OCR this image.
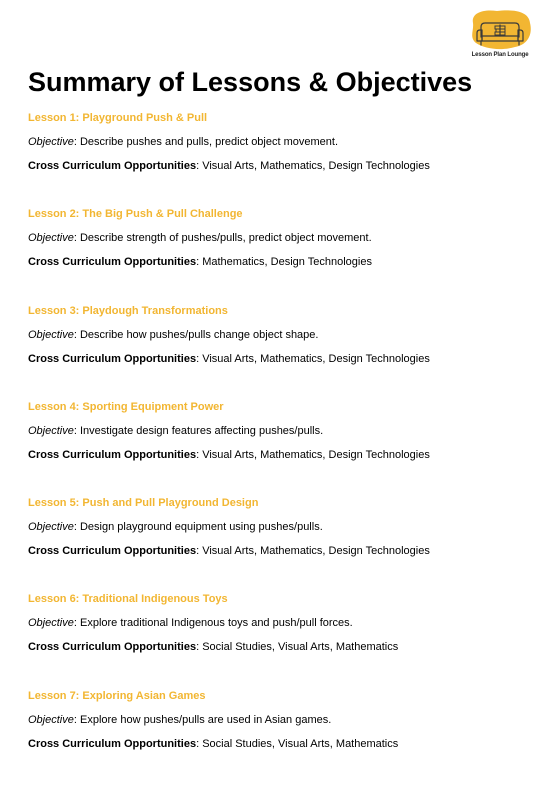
Lesson Plan Lounge
Summary of Lessons & Objectives
Lesson 1: Playground Push & Pull
Objective: Describe pushes and pulls, predict object movement.
Cross Curriculum Opportunities: Visual Arts, Mathematics, Design Technologies
Lesson 2: The Big Push & Pull Challenge
Objective: Describe strength of pushes/pulls, predict object movement.
Cross Curriculum Opportunities: Mathematics, Design Technologies
Lesson 3: Playdough Transformations
Objective: Describe how pushes/pulls change object shape.
Cross Curriculum Opportunities: Visual Arts, Mathematics, Design Technologies
Lesson 4: Sporting Equipment Power
Objective: Investigate design features affecting pushes/pulls.
Cross Curriculum Opportunities: Visual Arts, Mathematics, Design Technologies
Lesson 5: Push and Pull Playground Design
Objective: Design playground equipment using pushes/pulls.
Cross Curriculum Opportunities: Visual Arts, Mathematics, Design Technologies
Lesson 6: Traditional Indigenous Toys
Objective: Explore traditional Indigenous toys and push/pull forces.
Cross Curriculum Opportunities: Social Studies, Visual Arts, Mathematics
Lesson 7: Exploring Asian Games
Objective: Explore how pushes/pulls are used in Asian games.
Cross Curriculum Opportunities: Social Studies, Visual Arts, Mathematics
